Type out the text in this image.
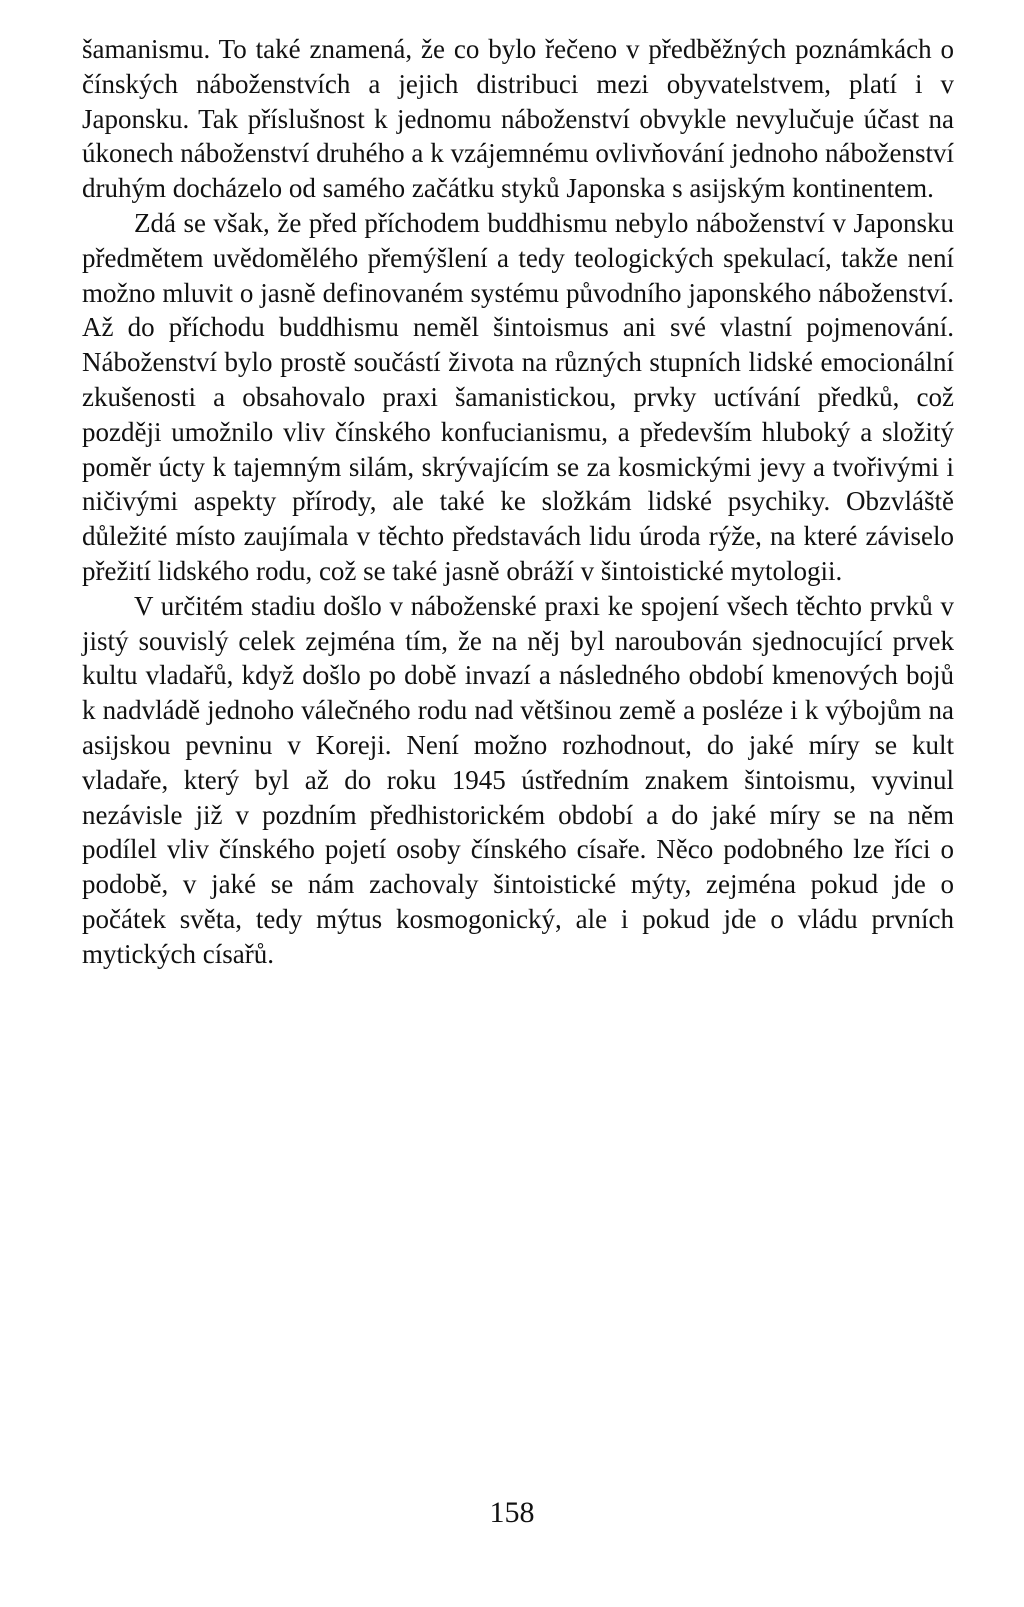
šamanismu. To také znamená, že co bylo řečeno v předběžných poznámkách o čínských náboženstvích a jejich distribuci mezi obyvatelstvem, platí i v Japonsku. Tak příslušnost k jednomu náboženství obvykle nevylučuje účast na úkonech náboženství druhého a k vzájemnému ovlivňování jednoho náboženství druhým docházelo od samého začátku styků Japonska s asijským kontinentem.

Zdá se však, že před příchodem buddhismu nebylo náboženství v Japonsku předmětem uvědomělého přemýšlení a tedy teologických spekulací, takže není možno mluvit o jasně definovaném systému původního japonského náboženství. Až do příchodu buddhismu neměl šintoismus ani své vlastní pojmenování. Náboženství bylo prostě součástí života na různých stupních lidské emocionální zkušenosti a obsahovalo praxi šamanistickou, prvky uctívání předků, což později umožnilo vliv čínského konfucianismu, a především hluboký a složitý poměr úcty k tajemným silám, skrývajícím se za kosmickými jevy a tvořivými i ničivými aspekty přírody, ale také ke složkám lidské psychiky. Obzvláště důležité místo zaujímala v těchto představách lidu úroda rýže, na které záviselo přežití lidského rodu, což se také jasně obráží v šintoistické mytologii.

V určitém stadiu došlo v náboženské praxi ke spojení všech těchto prvků v jistý souvislý celek zejména tím, že na něj byl naroubován sjednocující prvek kultu vladařů, když došlo po době invazí a následného období kmenových bojů k nadvládě jednoho válečného rodu nad většinou země a posléze i k výbojům na asijskou pevninu v Koreji. Není možno rozhodnout, do jaké míry se kult vladaře, který byl až do roku 1945 ústředním znakem šintoismu, vyvinul nezávisle již v pozdním předhistorickém období a do jaké míry se na něm podílel vliv čínského pojetí osoby čínského císaře. Něco podobného lze říci o podobě, v jaké se nám zachovaly šintoistické mýty, zejména pokud jde o počátek světa, tedy mýtus kosmogonický, ale i pokud jde o vládu prvních mytických císařů.

158
